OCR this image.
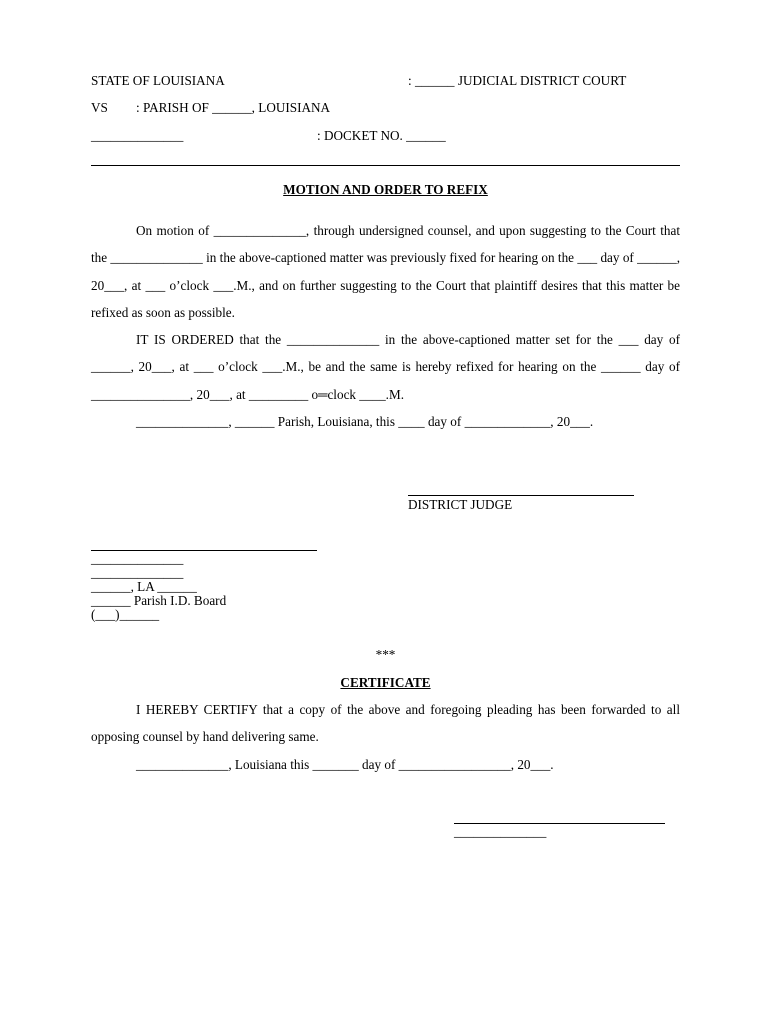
STATE OF LOUISIANA	: ______ JUDICIAL DISTRICT COURT
VS : PARISH OF ______, LOUISIANA
______________	: DOCKET NO. ______
MOTION AND ORDER TO REFIX
On motion of ______________, through undersigned counsel, and upon suggesting to the Court that the ______________ in the above-captioned matter was previously fixed for hearing on the ___ day of ______, 20___, at ___ o’clock ___.M., and on further suggesting to the Court that plaintiff desires that this matter be refixed as soon as possible.
IT IS ORDERED that the ______________ in the above-captioned matter set for the ___ day of ______, 20___, at ___ o’clock ___.M., be and the same is hereby refixed for hearing on the ______ day of _______________, 20___, at _________ o═clock ____.M.
______________, ______ Parish, Louisiana, this ____ day of _____________, 20___.
DISTRICT JUDGE
______________
______________
______, LA ______
______ Parish I.D. Board
(___)______
***
CERTIFICATE
I HEREBY CERTIFY that a copy of the above and foregoing pleading has been forwarded to all opposing counsel by hand delivering same.
______________, Louisiana this _______ day of _________________, 20___.
______________
